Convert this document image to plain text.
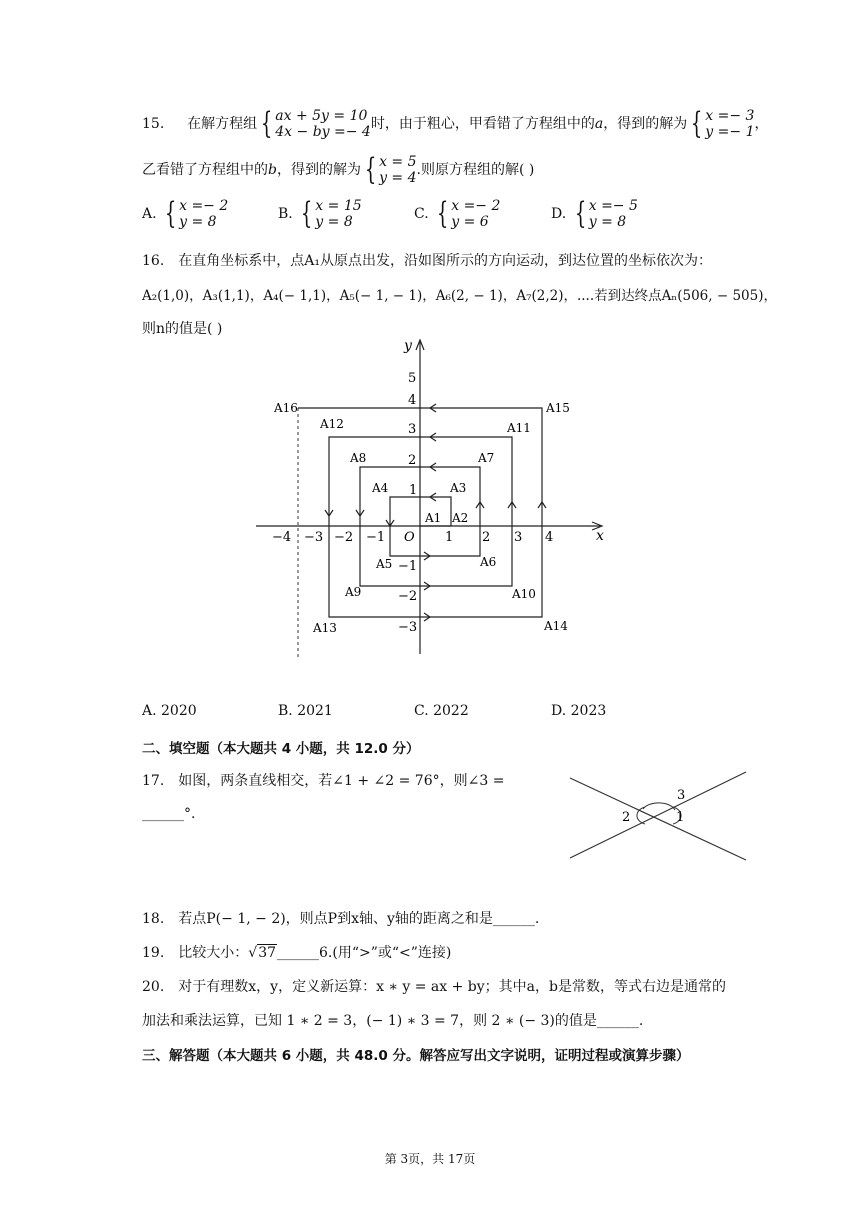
15. 在解方程组 { ax + 5y = 10
4x − by =− 4 时，由于粗心，甲看错了方程组中的a，得到的解为 { x =− 3
y =− 1 ，
乙看错了方程组中的b，得到的解为 { x = 5
y = 4 .则原方程组的解( )
A. { x =− 2
y = 8	B. { x = 15
y = 8	C. { x =− 2
y = 6	D. { x =− 5
y = 8
16. 在直角坐标系中，点A₁从原点出发，沿如图所示的方向运动，到达位置的坐标依次为：
A₂(1,0)，A₃(1,1)，A₄(− 1,1)，A₅(− 1, − 1)，A₆(2, − 1)，A₇(2,2)，....若到达终点Aₙ(506, − 505)，
则n的值是( )
x
y
O
−4 −3 −2 −1	1 2 3 4
5
4
3
2
1
−1
−2
−3
A1 A2
A3
A4
A5	A6
A7
A8
A9	A10
A11
A12
A13	A14
A15
A16
A. 2020	B. 2021	C. 2022	D. 2023
二、填空题（本大题共 4 小题，共 12.0 分）
17. 如图，两条直线相交，若∠1 + ∠2 = 76°，则∠3 =
______°.
3
2	1
18. 若点P(− 1, − 2)，则点P到x轴、y轴的距离之和是______.
19. 比较大小：√37______6.(用“>”或“<”连接)
20. 对于有理数x，y，定义新运算：x ∗ y = ax + by；其中a，b是常数，等式右边是通常的
加法和乘法运算，已知 1 ∗ 2 = 3，(− 1) ∗ 3 = 7，则 2 ∗ (− 3)的值是______.
三、解答题（本大题共 6 小题，共 48.0 分。解答应写出文字说明，证明过程或演算步骤）
第 3页，共 17页
